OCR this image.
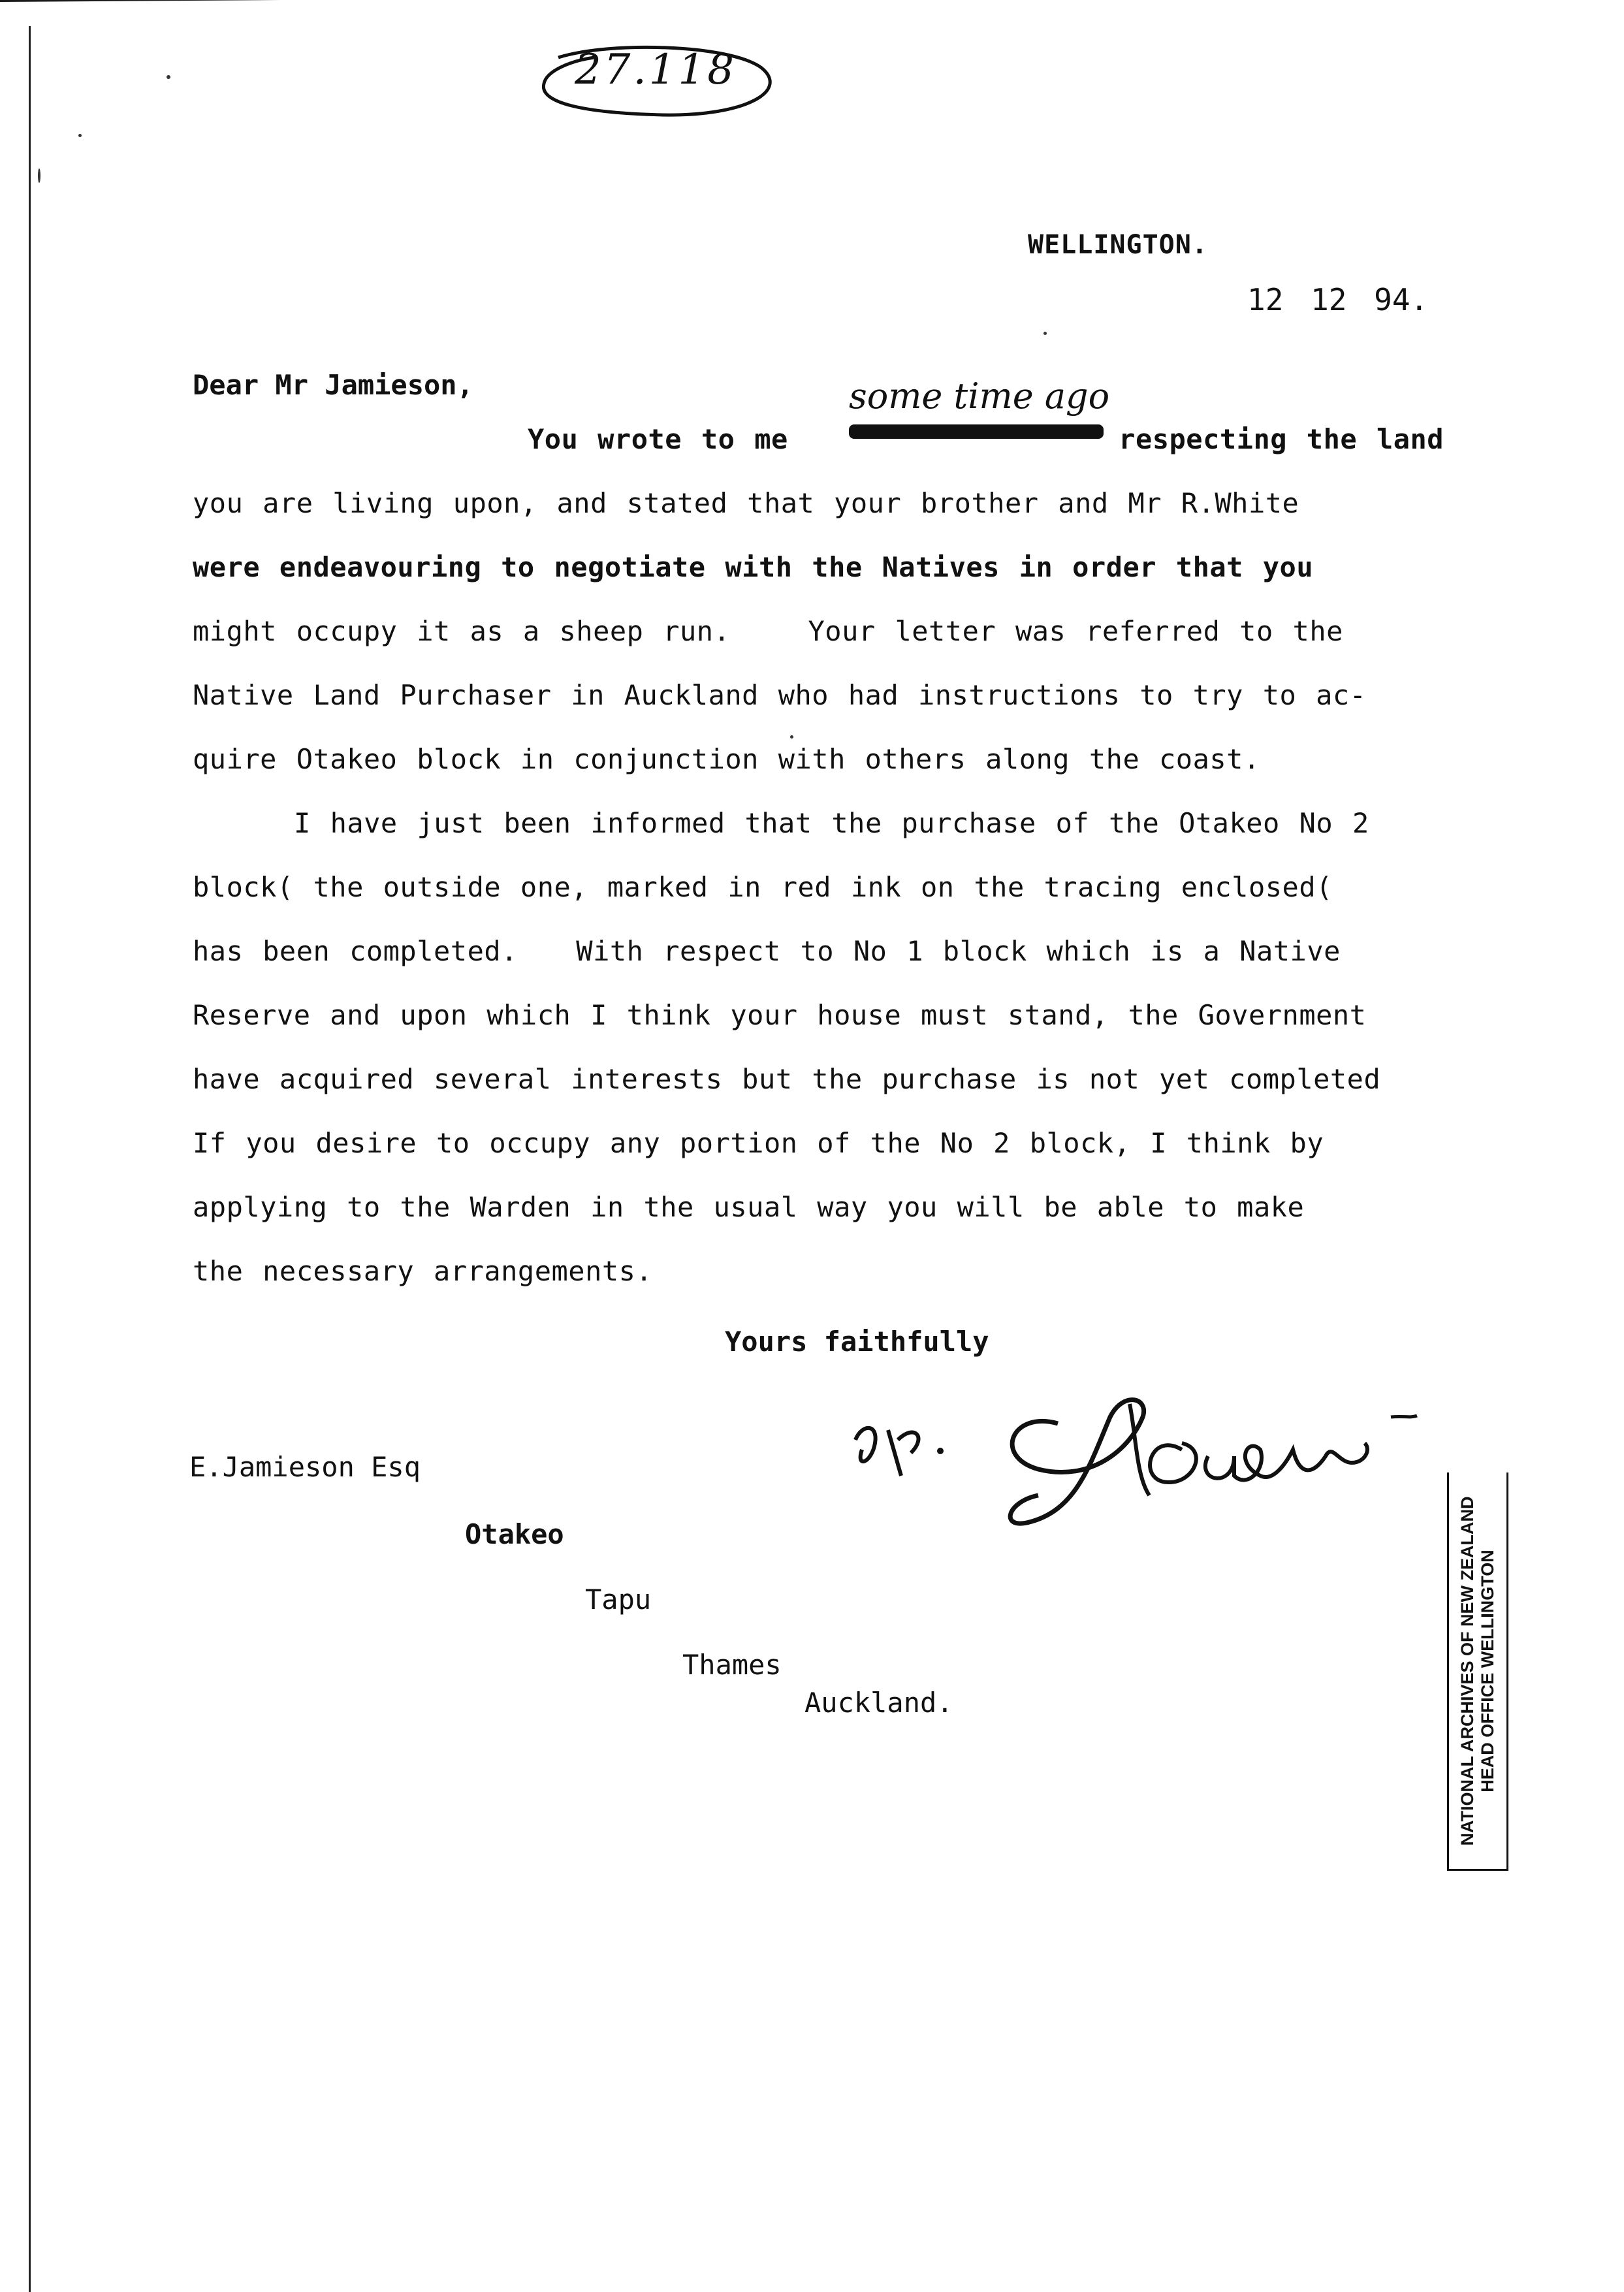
27.118
WELLINGTON.
12 12 94.
Dear Mr Jamieson,	some time ago
You wrote to me                 respecting the land
you are living upon, and stated that your brother and Mr R.White
were endeavouring to negotiate with the Natives in order that you
might occupy it as a sheep run.    Your letter was referred to the
Native Land Purchaser in Auckland who had instructions to try to ac-
quire Otakeo block in conjunction with others along the coast.
I have just been informed that the purchase of the Otakeo No 2
block( the outside one, marked in red ink on the tracing enclosed(
has been completed.   With respect to No 1 block which is a Native
Reserve and upon which I think your house must stand, the Government
have acquired several interests but the purchase is not yet completed
If you desire to occupy any portion of the No 2 block, I think by
applying to the Warden in the usual way you will be able to make
the necessary arrangements.
Yours faithfully
E.Jamieson Esq
Otakeo
Tapu
Thames
Auckland.	NATIONAL ARCHIVES OF NEW ZEALAND HEAD OFFICE WELLINGTON
